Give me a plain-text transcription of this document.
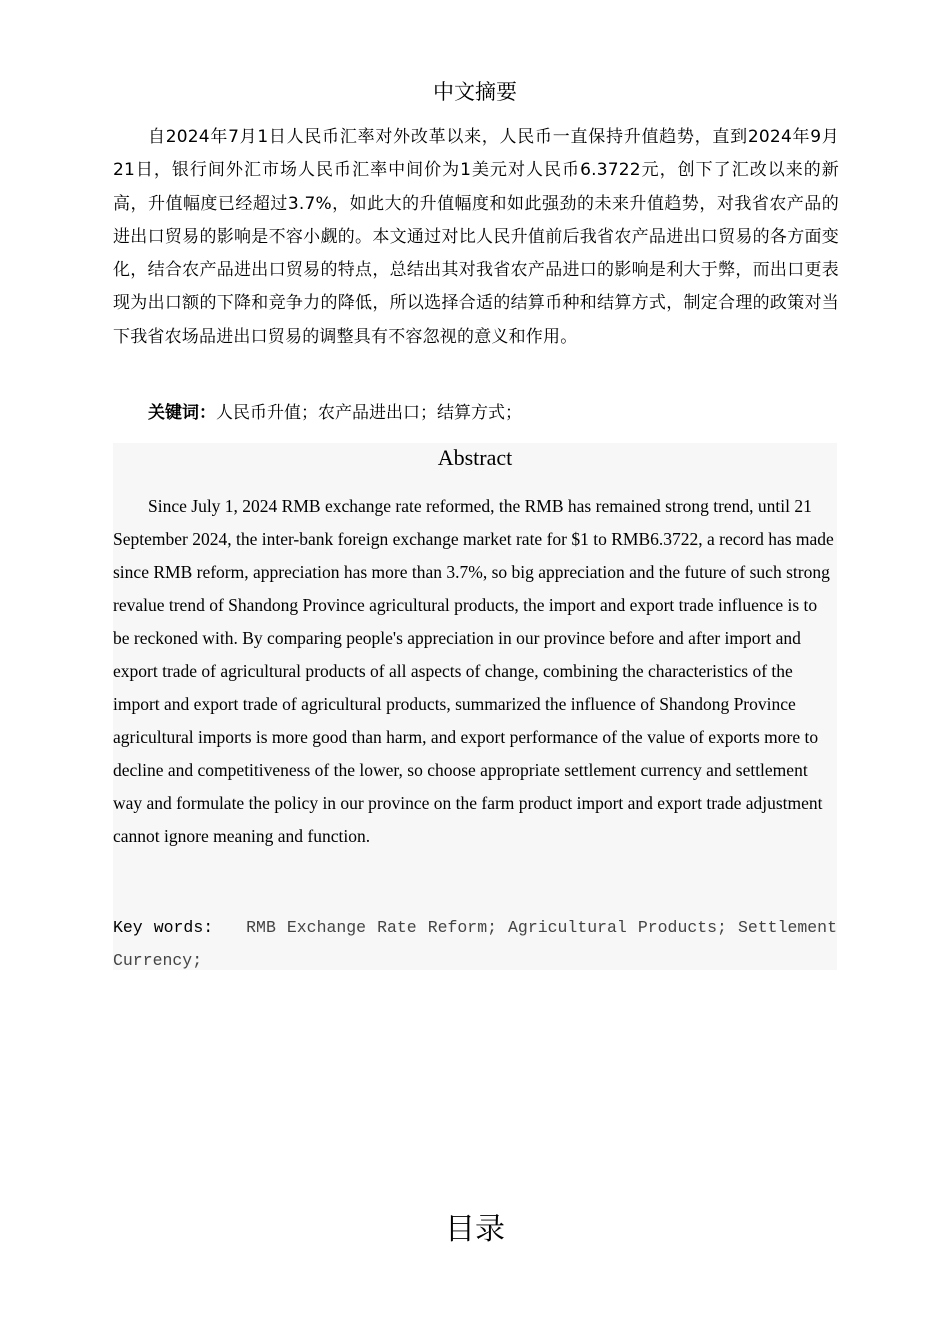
中文摘要

自2024年7月1日人民币汇率对外改革以来，人民币一直保持升值趋势，直到2024年9月21日，银行间外汇市场人民币汇率中间价为1美元对人民币6.3722元，创下了汇改以来的新高，升值幅度已经超过3.7%，如此大的升值幅度和如此强劲的未来升值趋势，对我省农产品的进出口贸易的影响是不容小觑的。本文通过对比人民升值前后我省农产品进出口贸易的各方面变化，结合农产品进出口贸易的特点，总结出其对我省农产品进口的影响是利大于弊，而出口更表现为出口额的下降和竞争力的降低，所以选择合适的结算币种和结算方式，制定合理的政策对当下我省农场品进出口贸易的调整具有不容忽视的意义和作用。

关键词：人民币升值；农产品进出口；结算方式；
Abstract

Since July 1, 2024 RMB exchange rate reformed, the RMB has remained strong trend, until 21 September 2024, the inter-bank foreign exchange market rate for $1 to RMB6.3722, a record has made since RMB reform, appreciation has more than 3.7%, so big appreciation and the future of such strong revalue trend of Shandong Province agricultural products, the import and export trade influence is to be reckoned with. By comparing people's appreciation in our province before and after import and export trade of agricultural products of all aspects of change, combining the characteristics of the import and export trade of agricultural products, summarized the influence of Shandong Province agricultural imports is more good than harm, and export performance of the value of exports more to decline and competitiveness of the lower, so choose appropriate settlement currency and settlement way and formulate the policy in our province on the farm product import and export trade adjustment cannot ignore meaning and function.

Key words: RMB Exchange Rate Reform; Agricultural Products; Settlement Currency;

目录
